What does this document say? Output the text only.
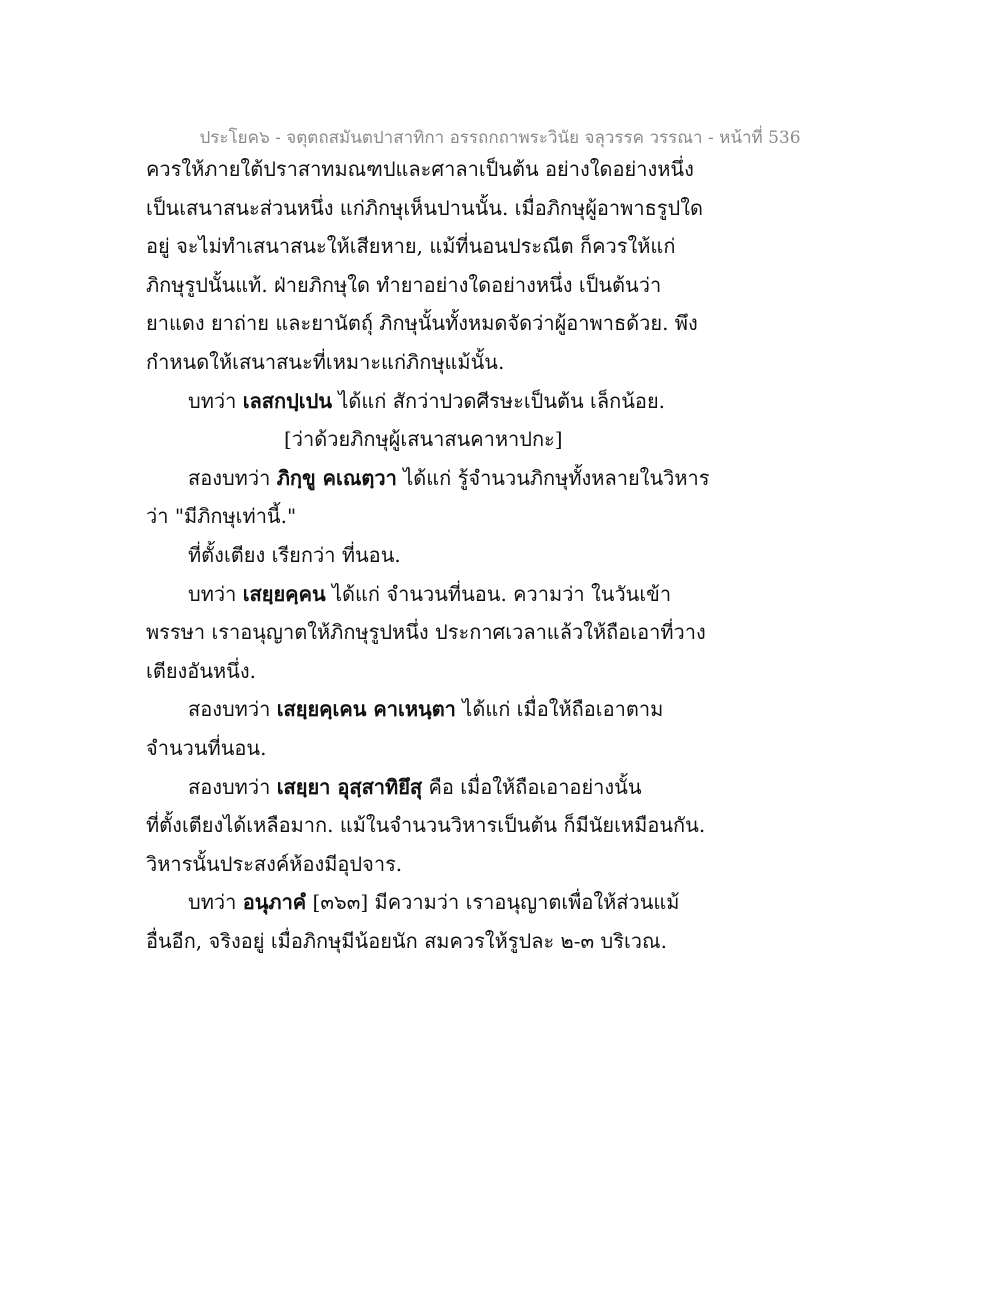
ประโยค๖ - จตุตถสมันตปาสาทิกา อรรถกถาพระวินัย จลุวรรค วรรณา - หน้าที่ 536
ควรให้ภายใต้ปราสาทมณฑปและศาลาเป็นต้น อย่างใดอย่างหนึ่ง
เป็นเสนาสนะส่วนหนึ่ง แก่ภิกษุเห็นปานนั้น. เมื่อภิกษุผู้อาพาธรูปใด
อยู่ จะไม่ทำเสนาสนะให้เสียหาย, แม้ที่นอนประณีต ก็ควรให้แก่
ภิกษุรูปนั้นแท้. ฝ่ายภิกษุใด ทำยาอย่างใดอย่างหนึ่ง เป็นต้นว่า
ยาแดง ยาถ่าย และยานัตถุ์ ภิกษุนั้นทั้งหมดจัดว่าผู้อาพาธด้วย. พึง
กำหนดให้เสนาสนะที่เหมาะแก่ภิกษุแม้นั้น.
บทว่า เลสกปฺเปน ได้แก่ สักว่าปวดศีรษะเป็นต้น เล็กน้อย.
[ว่าด้วยภิกษุผู้เสนาสนคาหาปกะ]
สองบทว่า ภิกฺขู คเณตฺวา ได้แก่ รู้จำนวนภิกษุทั้งหลายในวิหาร
ว่า "มีภิกษุเท่านี้."
ที่ตั้งเตียง เรียกว่า ที่นอน.
บทว่า เสยฺยคฺคน ได้แก่ จำนวนที่นอน. ความว่า ในวันเข้า
พรรษา เราอนุญาตให้ภิกษุรูปหนึ่ง ประกาศเวลาแล้วให้ถือเอาที่วาง
เตียงอันหนึ่ง.
สองบทว่า เสยฺยคฺเคน คาเหนฺตา ได้แก่ เมื่อให้ถือเอาตาม
จำนวนที่นอน.
สองบทว่า เสยฺยา อุสฺสาทิยึสุ คือ เมื่อให้ถือเอาอย่างนั้น
ที่ตั้งเตียงได้เหลือมาก. แม้ในจำนวนวิหารเป็นต้น ก็มีนัยเหมือนกัน.
วิหารนั้นประสงค์ห้องมีอุปจาร.
บทว่า อนุภาคํ [๓๖๓] มีความว่า เราอนุญาตเพื่อให้ส่วนแม้
อื่นอีก, จริงอยู่ เมื่อภิกษุมีน้อยนัก สมควรให้รูปละ ๒-๓ บริเวณ.
